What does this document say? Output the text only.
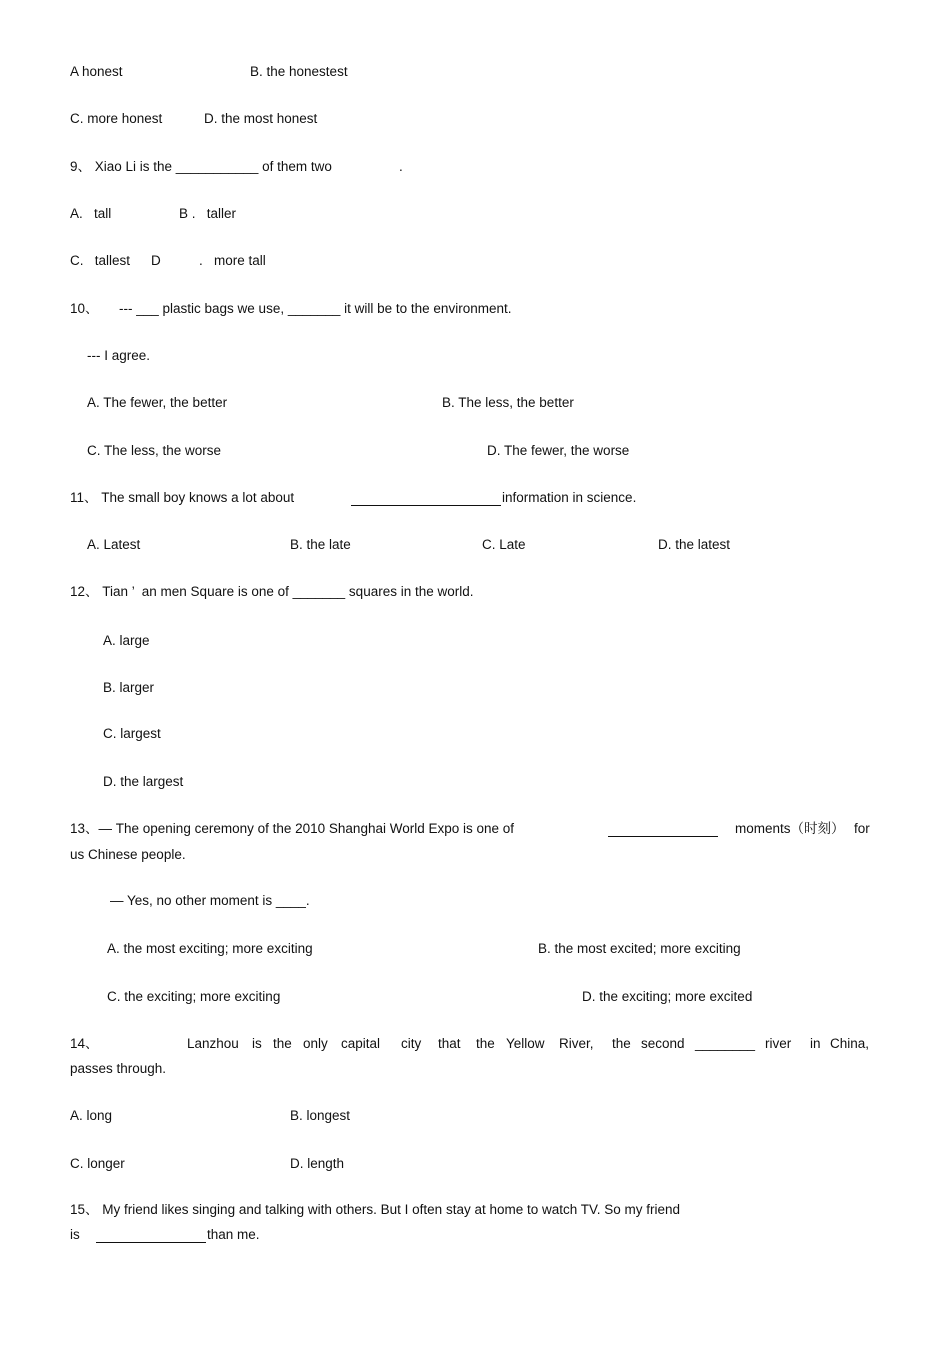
A honest	B. the honestest
C. more honest	D. the most honest
9、 Xiao Li is the ___________ of them two	.
A.   tall	B .   taller
C.   tallest D	.   more tall
10、 --- ___ plastic bags we use, _______ it will be to the environment.
--- I agree.
A. The fewer, the better	B. The less, the better
C. The less, the worse	D. The fewer, the worse
11、 The small boy knows a lot about	information in science.
A. Latest	B. the late	C. Late	D. the latest
12、 Tian ’  an men Square is one of _______ squares in the world.
A. large
B. larger
C. largest
D. the largest
13、— The opening ceremony of the 2010 Shanghai World Expo is one of	moments（时刻） for
us Chinese people.
— Yes, no other moment is ____.
A. the most exciting; more exciting	B. the most excited; more exciting
C. the exciting; more exciting	D. the exciting; more excited
14、	Lanzhou is the only capital city that the Yellow River, the second ________ river in China,
passes through.
A. long	B. longest
C. longer	D. length
15、 My friend likes singing and talking with others. But I often stay at home to watch TV. So my friend
is	than me.
